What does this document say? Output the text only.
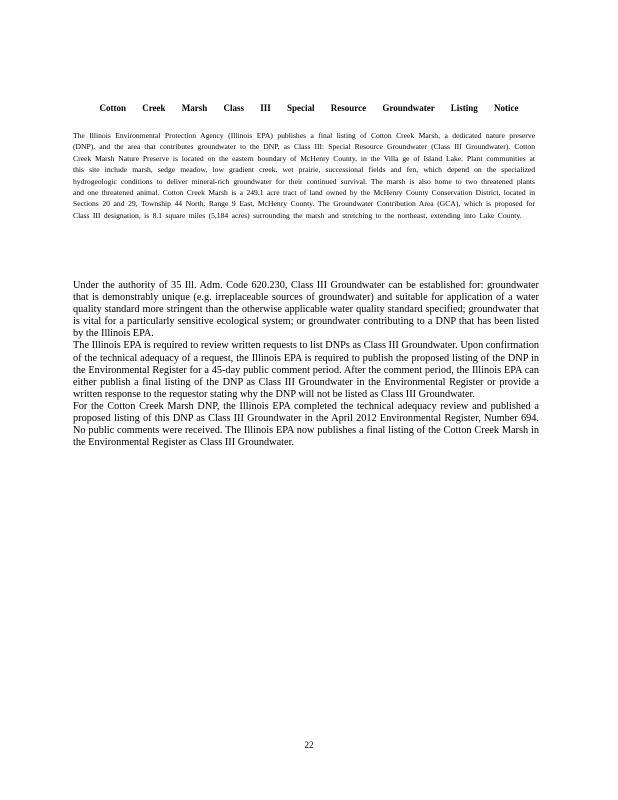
Cotton Creek Marsh Class III Special Resource Groundwater Listing Notice

The Illinois Environmental Protection Agency (Illinois EPA) publishes a final listing of Cotton Creek Marsh, a dedicated nature preserve (DNP), and the area that contributes groundwater to the DNP, as Class III: Special Resource Groundwater (Class III Groundwater). Cotton Creek Marsh Nature Preserve is located on the eastern boundary of McHenry County, in the Villa ge of Island Lake. Plant communities at this site include marsh, sedge meadow, low gradient creek, wet prairie, successional fields and fen, which depend on the specialized hydrogeologic conditions to deliver mineral-rich groundwater for their continued survival. The marsh is also home to two threatened plants and one threatened animal. Cotton Creek Marsh is a 249.1 acre tract of land owned by the McHenry County Conservation District, located in Sections 20 and 29, Township 44 North, Range 9 East, McHenry County. The Groundwater Contribution Area (GCA), which is proposed for Class III designation, is 8.1 square miles (5,184 acres) surrounding the marsh and stretching to the northeast, extending into Lake County.

Under the authority of 35 Ill. Adm. Code 620.230, Class III Groundwater can be established for: groundwater that is demonstrably unique (e.g. irreplaceable sources of groundwater) and suitable for application of a water quality standard more stringent than the otherwise applicable water quality standard specified; groundwater that is vital for a particularly sensitive ecological system; or groundwater contributing to a DNP that has been listed by the Illinois EPA.

The Illinois EPA is required to review written requests to list DNPs as Class III Groundwater. Upon confirmation of the technical adequacy of a request, the Illinois EPA is required to publish the proposed listing of the DNP in the Environmental Register for a 45-day public comment period. After the comment period, the Illinois EPA can either publish a final listing of the DNP as Class III Groundwater in the Environmental Register or provide a written response to the requestor stating why the DNP will not be listed as Class III Groundwater.

For the Cotton Creek Marsh DNP, the Illinois EPA completed the technical adequacy review and published a proposed listing of this DNP as Class III Groundwater in the April 2012 Environmental Register, Number 694. No public comments were received. The Illinois EPA now publishes a final listing of the Cotton Creek Marsh in the Environmental Register as Class III Groundwater.

22
